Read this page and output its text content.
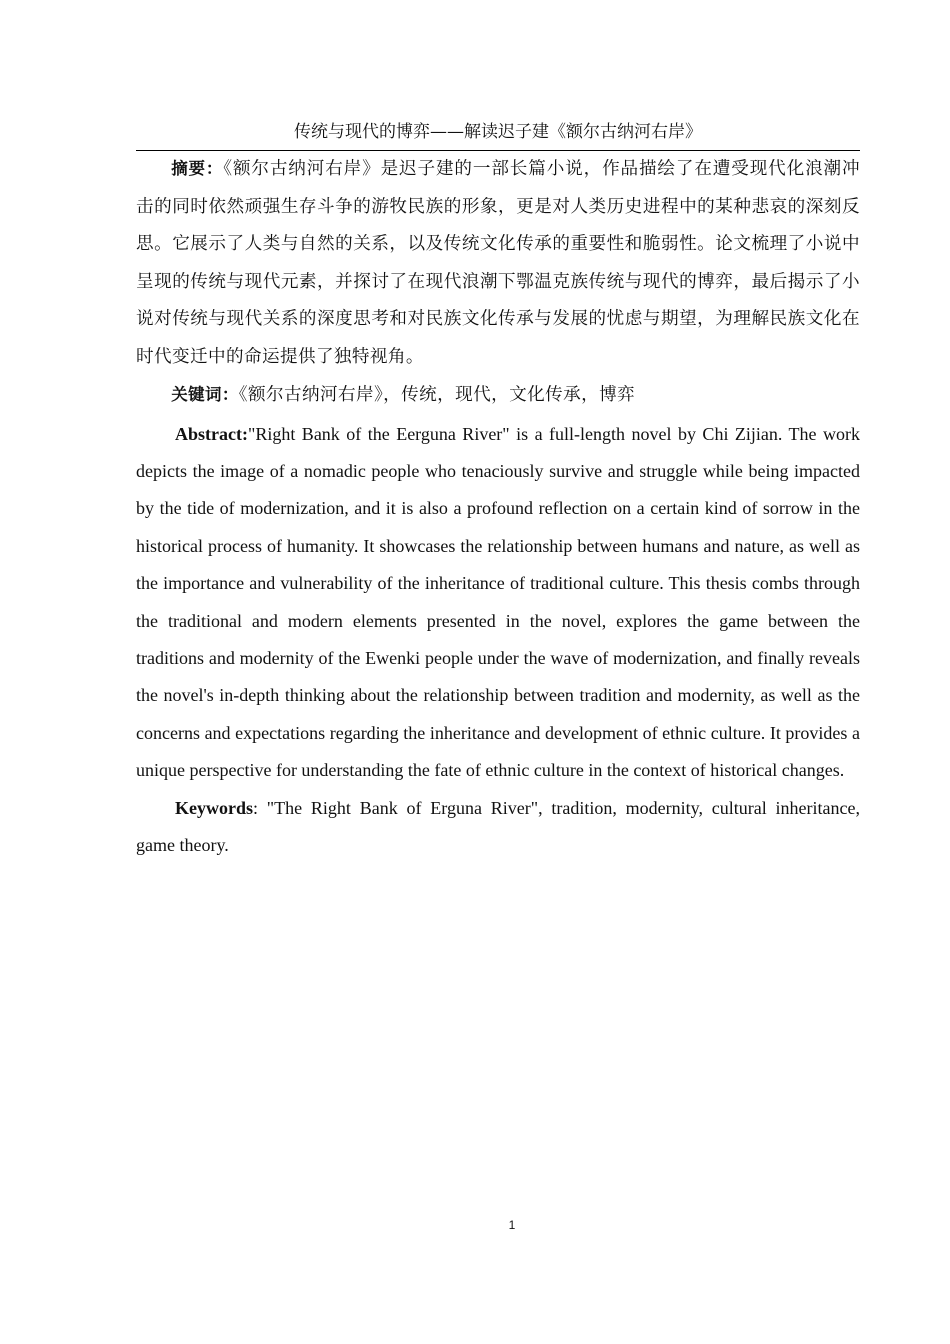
传统与现代的博弈——解读迟子建《额尔古纳河右岸》

摘要：《额尔古纳河右岸》是迟子建的一部长篇小说，作品描绘了在遭受现代化浪潮冲击的同时依然顽强生存斗争的游牧民族的形象，更是对人类历史进程中的某种悲哀的深刻反思。它展示了人类与自然的关系，以及传统文化传承的重要性和脆弱性。论文梳理了小说中呈现的传统与现代元素，并探讨了在现代浪潮下鄂温克族传统与现代的博弈，最后揭示了小说对传统与现代关系的深度思考和对民族文化传承与发展的忧虑与期望，为理解民族文化在时代变迁中的命运提供了独特视角。

关键词：《额尔古纳河右岸》，传统，现代，文化传承，博弈

Abstract:"Right Bank of the Eerguna River" is a full-length novel by Chi Zijian. The work depicts the image of a nomadic people who tenaciously survive and struggle while being impacted by the tide of modernization, and it is also a profound reflection on a certain kind of sorrow in the historical process of humanity. It showcases the relationship between humans and nature, as well as the importance and vulnerability of the inheritance of traditional culture. This thesis combs through the traditional and modern elements presented in the novel, explores the game between the traditions and modernity of the Ewenki people under the wave of modernization, and finally reveals the novel's in-depth thinking about the relationship between tradition and modernity, as well as the concerns and expectations regarding the inheritance and development of ethnic culture. It provides a unique perspective for understanding the fate of ethnic culture in the context of historical changes.

Keywords: "The Right Bank of Erguna River", tradition, modernity, cultural inheritance, game theory.

1
